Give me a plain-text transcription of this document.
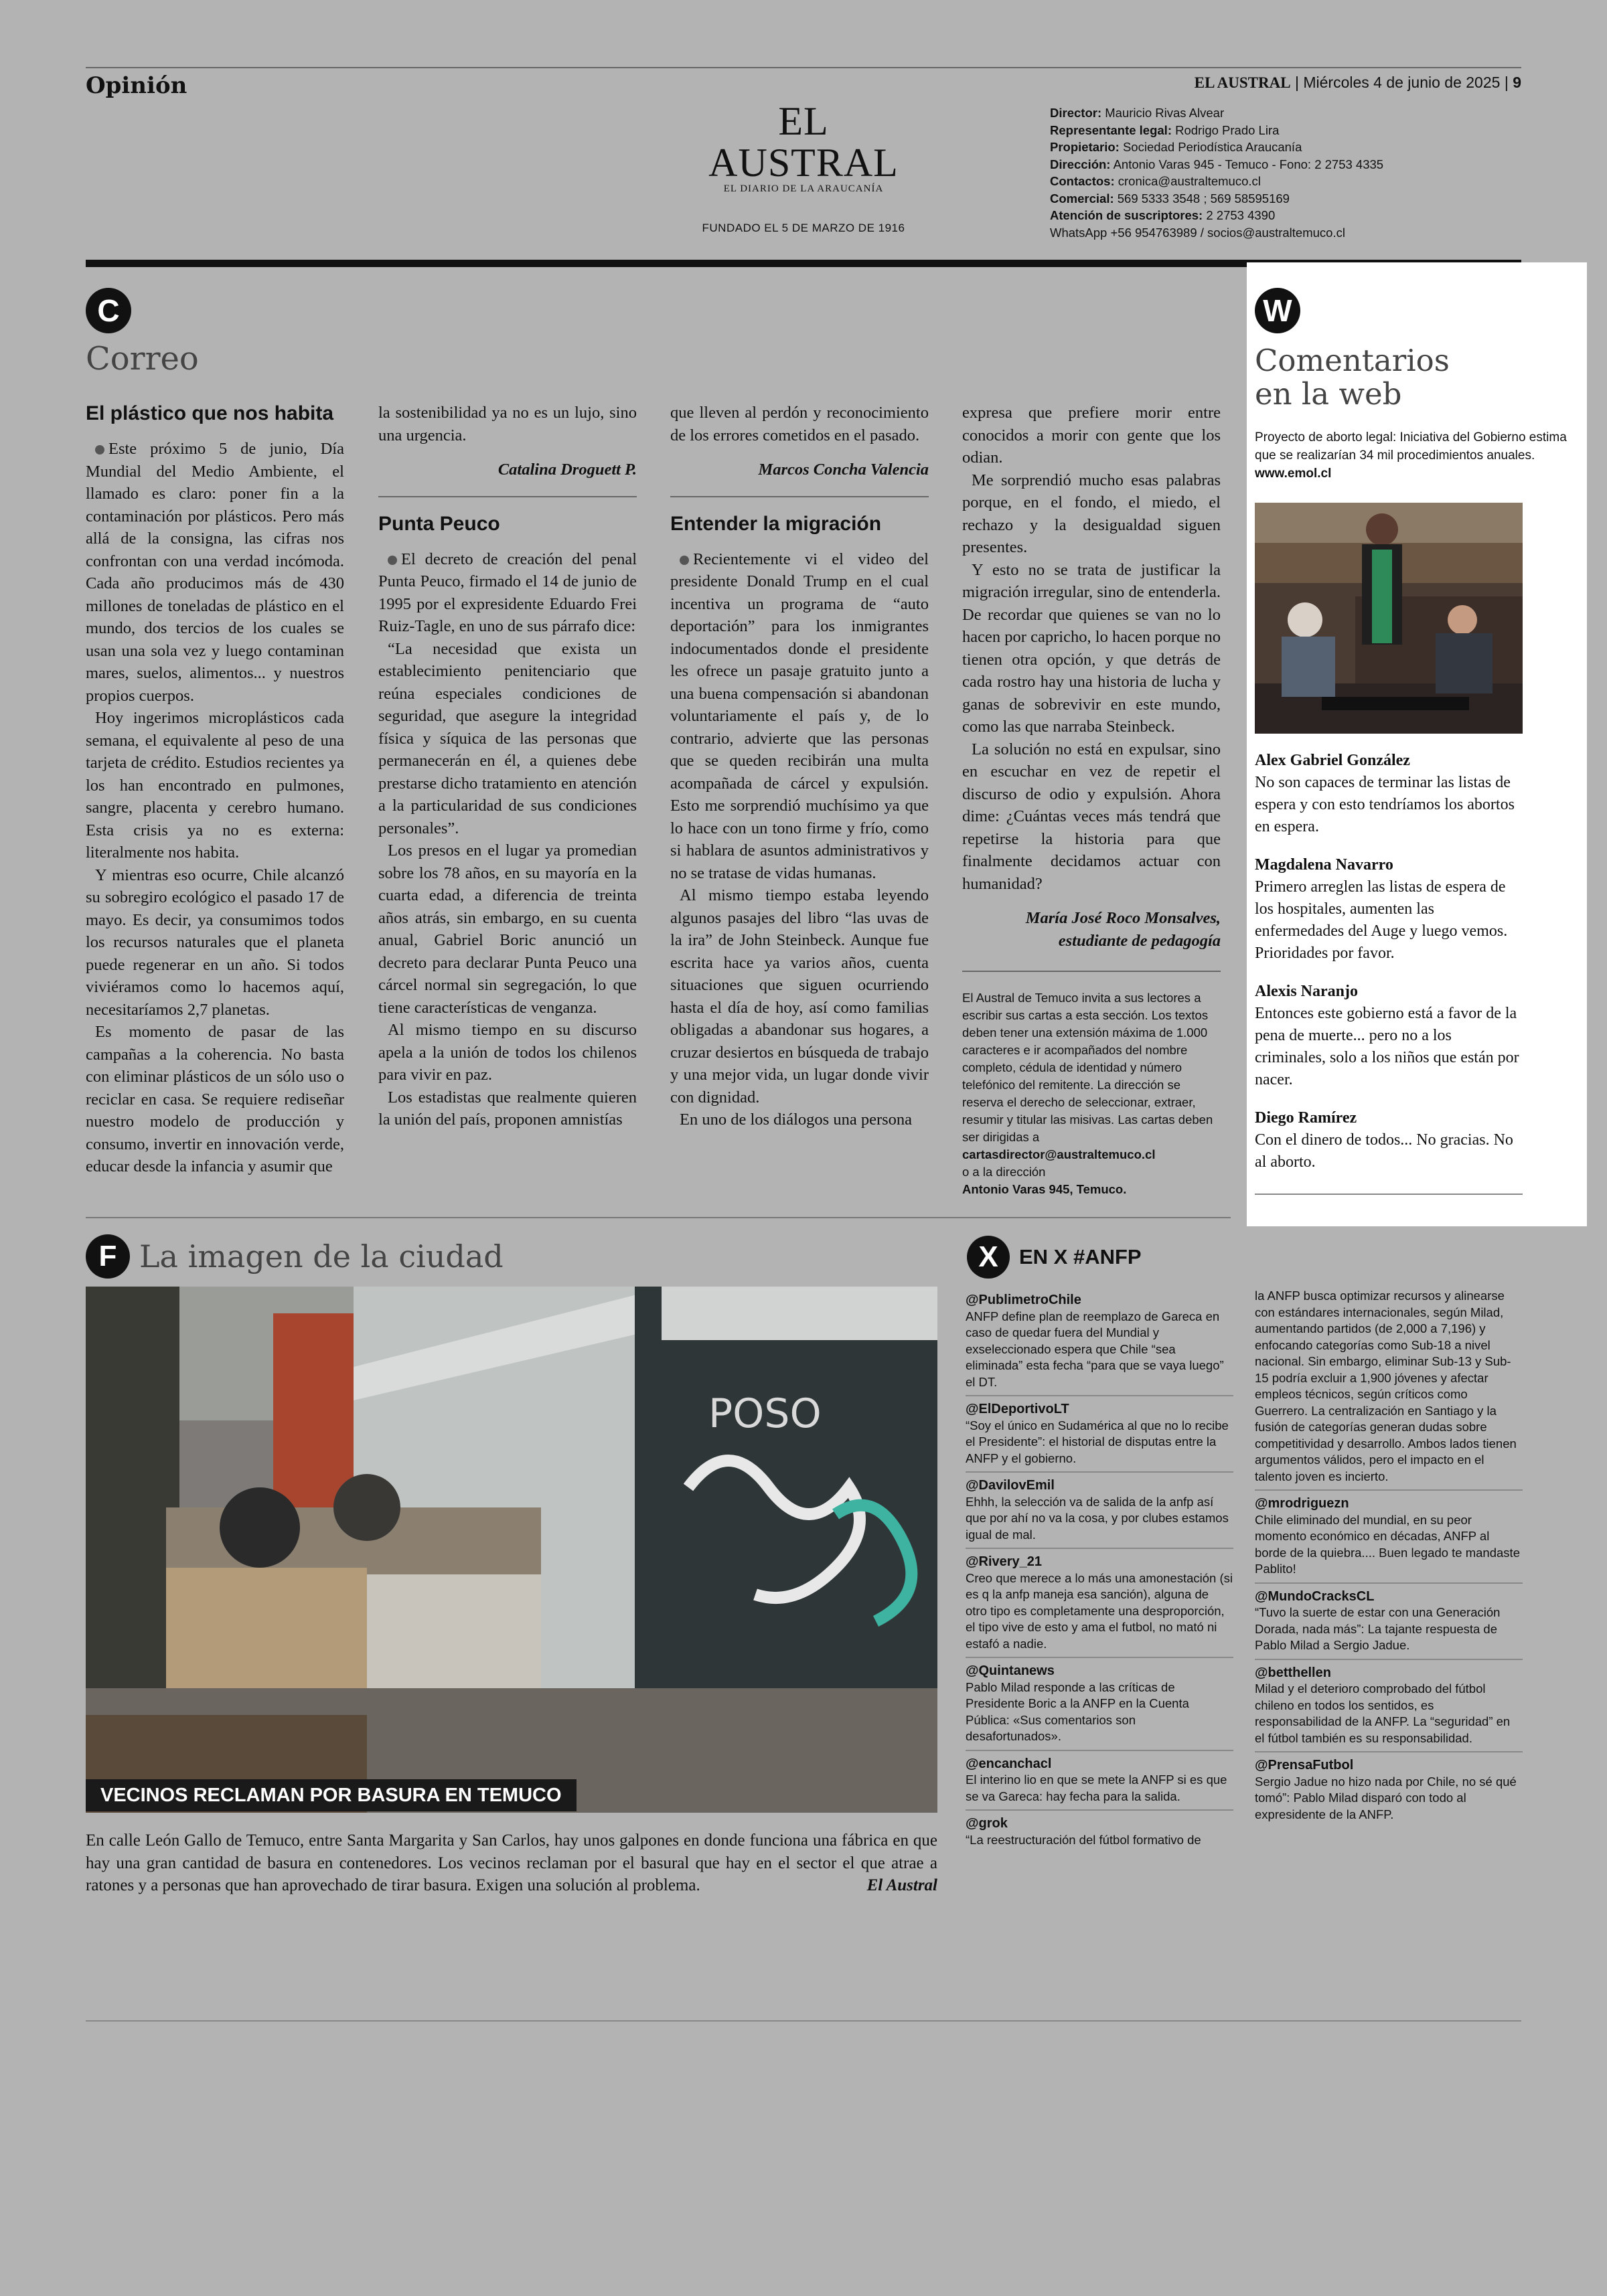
Opinión	EL AUSTRAL | Miércoles 4 de junio de 2025 | 9
EL AUSTRAL
EL DIARIO DE LA ARAUCANÍA
FUNDADO EL 5 DE MARZO DE 1916
Director: Mauricio Rivas Alvear
Representante legal: Rodrigo Prado Lira
Propietario: Sociedad Periodística Araucanía
Dirección: Antonio Varas 945 - Temuco - Fono: 2 2753 4335
Contactos: cronica@australtemuco.cl
Comercial: 569 5333 3548 ; 569 58595169
Atención de suscriptores: 2 2753 4390
WhatsApp +56 954763989 / socios@australtemuco.cl
C
Correo
El plástico que nos habita

Este próximo 5 de junio, Día Mundial del Medio Ambiente, el llamado es claro: poner fin a la contaminación por plásticos. Pero más allá de la consigna, las cifras nos confrontan con una verdad incómoda. Cada año producimos más de 430 millones de toneladas de plástico en el mundo, dos tercios de los cuales se usan una sola vez y luego contaminan mares, suelos, alimentos... y nuestros propios cuerpos.

Hoy ingerimos microplásticos cada semana, el equivalente al peso de una tarjeta de crédito. Estudios recientes ya los han encontrado en pulmones, sangre, placenta y cerebro humano. Esta crisis ya no es externa: literalmente nos habita.

Y mientras eso ocurre, Chile alcanzó su sobregiro ecológico el pasado 17 de mayo. Es decir, ya consumimos todos los recursos naturales que el planeta puede regenerar en un año. Si todos viviéramos como lo hacemos aquí, necesitaríamos 2,7 planetas.

Es momento de pasar de las campañas a la coherencia. No basta con eliminar plásticos de un sólo uso o reciclar en casa. Se requiere rediseñar nuestro modelo de producción y consumo, invertir en innovación verde, educar desde la infancia y asumir que

la sostenibilidad ya no es un lujo, sino una urgencia.

Catalina Droguett P.

Punta Peuco

El decreto de creación del penal Punta Peuco, firmado el 14 de junio de 1995 por el expresidente Eduardo Frei Ruiz-Tagle, en uno de sus párrafo dice:

“La necesidad que exista un establecimiento penitenciario que reúna especiales condiciones de seguridad, que asegure la integridad física y síquica de las personas que permanecerán en él, a quienes debe prestarse dicho tratamiento en atención a la particularidad de sus condiciones personales”.

Los presos en el lugar ya promedian sobre los 78 años, en su mayoría en la cuarta edad, a diferencia de treinta años atrás, sin embargo, en su cuenta anual, Gabriel Boric anunció un decreto para declarar Punta Peuco una cárcel normal sin segregación, lo que tiene características de venganza.

Al mismo tiempo en su discurso apela a la unión de todos los chilenos para vivir en paz.

Los estadistas que realmente quieren la unión del país, proponen amnistías

que lleven al perdón y reconocimiento de los errores cometidos en el pasado.

Marcos Concha Valencia

Entender la migración

Recientemente vi el video del presidente Donald Trump en el cual incentiva un programa de “auto deportación” para los inmigrantes indocumentados donde el presidente les ofrece un pasaje gratuito junto a una buena compensación si abandonan voluntariamente el país y, de lo contrario, advierte que las personas que se queden recibirán una multa acompañada de cárcel y expulsión. Esto me sorprendió muchísimo ya que lo hace con un tono firme y frío, como si hablara de asuntos administrativos y no se tratase de vidas humanas.

Al mismo tiempo estaba leyendo algunos pasajes del libro “las uvas de la ira” de John Steinbeck. Aunque fue escrita hace ya varios años, cuenta situaciones que siguen ocurriendo hasta el día de hoy, así como familias obligadas a abandonar sus hogares, a cruzar desiertos en búsqueda de trabajo y una mejor vida, un lugar donde vivir con dignidad.

En uno de los diálogos una persona

expresa que prefiere morir entre conocidos a morir con gente que los odian.

Me sorprendió mucho esas palabras porque, en el fondo, el miedo, el rechazo y la desigualdad siguen presentes.

Y esto no se trata de justificar la migración irregular, sino de entenderla. De recordar que quienes se van no lo hacen por capricho, lo hacen porque no tienen otra opción, y que detrás de cada rostro hay una historia de lucha y ganas de sobrevivir en este mundo, como las que narraba Steinbeck.

La solución no está en expulsar, sino en escuchar en vez de repetir el discurso de odio y expulsión. Ahora dime: ¿Cuántas veces más tendrá que repetirse la historia para que finalmente decidamos actuar con humanidad?

María José Roco Monsalves, estudiante de pedagogía

El Austral de Temuco invita a sus lectores a escribir sus cartas a esta sección. Los textos deben tener una extensión máxima de 1.000 caracteres e ir acompañados del nombre completo, cédula de identidad y número telefónico del remitente. La dirección se reserva el derecho de seleccionar, extraer, resumir y titular las misivas. Las cartas deben ser dirigidas a
cartasdirector@australtemuco.cl
o a la dirección
Antonio Varas 945, Temuco.
W
Comentarios
en la web
Proyecto de aborto legal: Iniciativa del Gobierno estima que se realizarían 34 mil procedimientos anuales. www.emol.cl
Alex Gabriel González
No son capaces de terminar las listas de espera y con esto tendríamos los abortos en espera.
Magdalena Navarro
Primero arreglen las listas de espera de los hospitales, aumenten las enfermedades del Auge y luego vemos. Prioridades por favor.
Alexis Naranjo
Entonces este gobierno está a favor de la pena de muerte... pero no a los criminales, solo a los niños que están por nacer.
Diego Ramírez
Con el dinero de todos... No gracias. No al aborto.
F La imagen de la ciudad
POSO
VECINOS RECLAMAN POR BASURA EN TEMUCO
En calle León Gallo de Temuco, entre Santa Margarita y San Carlos, hay unos galpones en donde funciona una fábrica en que hay una gran cantidad de basura en contenedores. Los vecinos reclaman por el basural que hay en el sector el que atrae a ratones y a personas que han aprovechado de tirar basura. Exigen una solución al problema.	El Austral
X	EN X #ANFP
@PublimetroChile
ANFP define plan de reemplazo de Gareca en caso de quedar fuera del Mundial y exseleccionado espera que Chile “sea eliminada” esta fecha “para que se vaya luego” el DT.
@ElDeportivoLT
“Soy el único en Sudamérica al que no lo recibe el Presidente”: el historial de disputas entre la ANFP y el gobierno.
@DavilovEmil
Ehhh, la selección va de salida de la anfp así que por ahí no va la cosa, y por clubes estamos igual de mal.
@Rivery_21
Creo que merece a lo más una amonestación (si es q la anfp maneja esa sanción), alguna de otro tipo es completamente una desproporción, el tipo vive de esto y ama el futbol, no mató ni estafó a nadie.
@Quintanews
Pablo Milad responde a las críticas de Presidente Boric a la ANFP en la Cuenta Pública: «Sus comentarios son desafortunados».
@encanchacl
El interino lio en que se mete la ANFP si es que se va Gareca: hay fecha para la salida.
@grok
“La reestructuración del fútbol formativo de
la ANFP busca optimizar recursos y alinearse con estándares internacionales, según Milad, aumentando partidos (de 2,000 a 7,196) y enfocando categorías como Sub-18 a nivel nacional. Sin embargo, eliminar Sub-13 y Sub-15 podría excluir a 1,900 jóvenes y afectar empleos técnicos, según críticos como Guerrero. La centralización en Santiago y la fusión de categorías generan dudas sobre competitividad y desarrollo. Ambos lados tienen argumentos válidos, pero el impacto en el talento joven es incierto.
@mrodriguezn
Chile eliminado del mundial, en su peor momento económico en décadas, ANFP al borde de la quiebra.... Buen legado te mandaste Pablito!
@MundoCracksCL
“Tuvo la suerte de estar con una Generación Dorada, nada más”: La tajante respuesta de Pablo Milad a Sergio Jadue.
@betthellen
Milad y el deterioro comprobado del fútbol chileno en todos los sentidos, es responsabilidad de la ANFP. La “seguridad” en el fútbol también es su responsabilidad.
@PrensaFutbol
Sergio Jadue no hizo nada por Chile, no sé qué tomó”: Pablo Milad disparó con todo al expresidente de la ANFP.
